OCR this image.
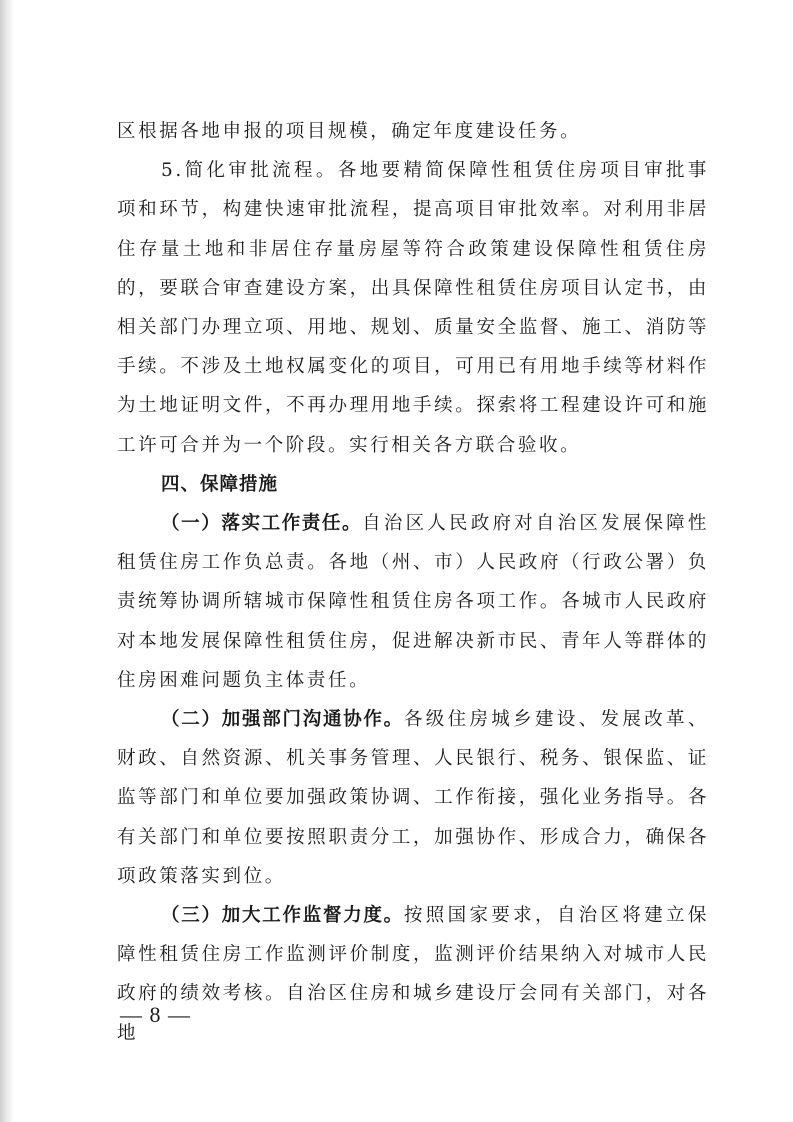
区根据各地申报的项目规模，确定年度建设任务。

5.简化审批流程。各地要精简保障性租赁住房项目审批事项和环节，构建快速审批流程，提高项目审批效率。对利用非居住存量土地和非居住存量房屋等符合政策建设保障性租赁住房的，要联合审查建设方案，出具保障性租赁住房项目认定书，由相关部门办理立项、用地、规划、质量安全监督、施工、消防等手续。不涉及土地权属变化的项目，可用已有用地手续等材料作为土地证明文件，不再办理用地手续。探索将工程建设许可和施工许可合并为一个阶段。实行相关各方联合验收。

四、保障措施

（一）落实工作责任。自治区人民政府对自治区发展保障性租赁住房工作负总责。各地（州、市）人民政府（行政公署）负责统筹协调所辖城市保障性租赁住房各项工作。各城市人民政府对本地发展保障性租赁住房，促进解决新市民、青年人等群体的住房困难问题负主体责任。

（二）加强部门沟通协作。各级住房城乡建设、发展改革、财政、自然资源、机关事务管理、人民银行、税务、银保监、证监等部门和单位要加强政策协调、工作衔接，强化业务指导。各有关部门和单位要按照职责分工，加强协作、形成合力，确保各项政策落实到位。

（三）加大工作监督力度。按照国家要求，自治区将建立保障性租赁住房工作监测评价制度，监测评价结果纳入对城市人民政府的绩效考核。自治区住房和城乡建设厅会同有关部门，对各地

— 8 —
